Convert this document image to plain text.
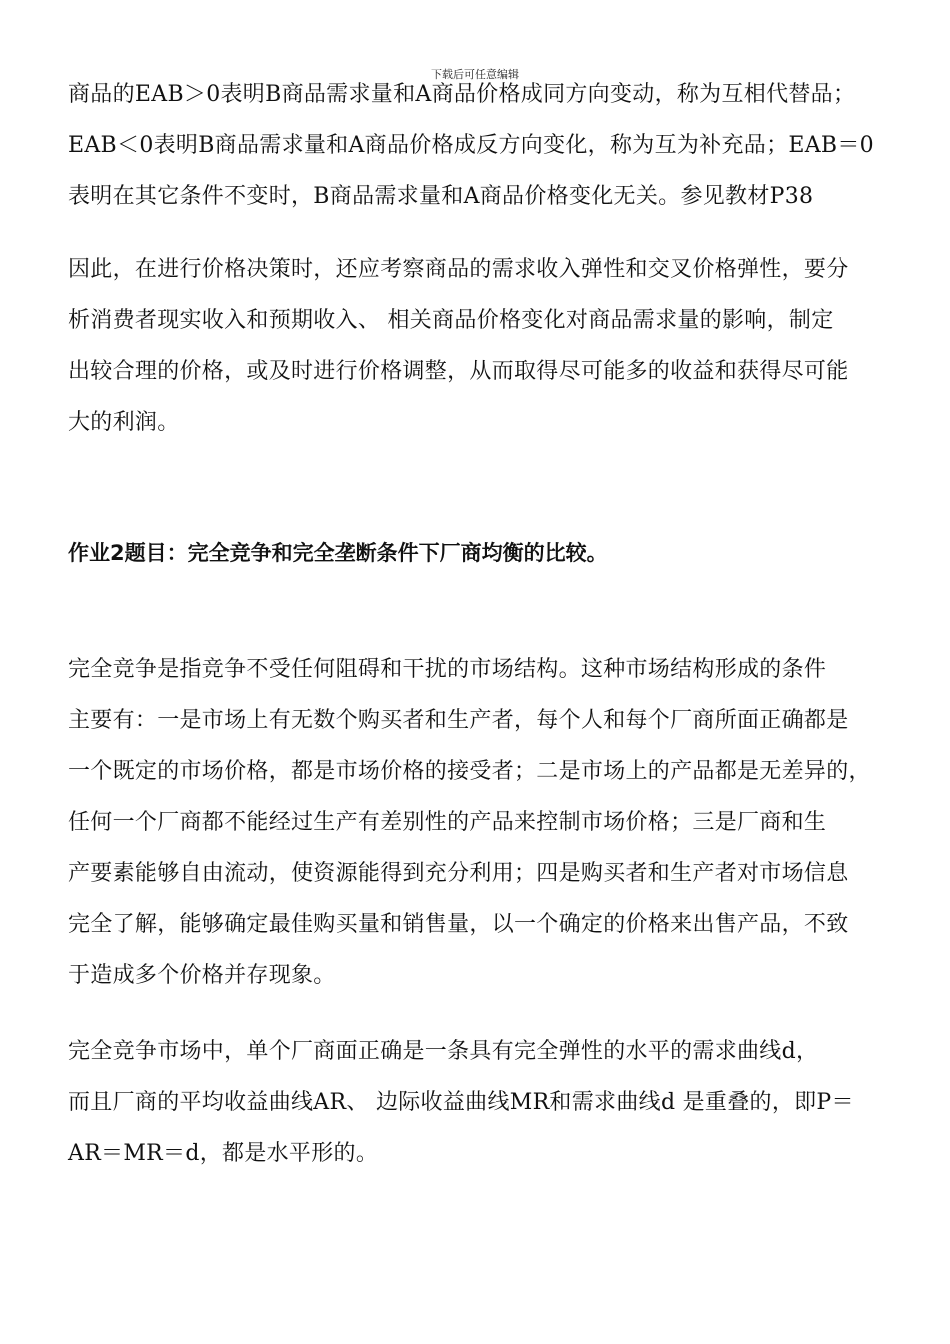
下载后可任意编辑
商品的EAB＞0表明B商品需求量和A商品价格成同方向变动，称为互相代替品；
EAB＜0表明B商品需求量和A商品价格成反方向变化，称为互为补充品；EAB＝0
表明在其它条件不变时，B商品需求量和A商品价格变化无关。参见教材P38
因此，在进行价格决策时，还应考察商品的需求收入弹性和交叉价格弹性，要分
析消费者现实收入和预期收入、 相关商品价格变化对商品需求量的影响，制定
出较合理的价格，或及时进行价格调整，从而取得尽可能多的收益和获得尽可能
大的利润。
作业2题目：完全竞争和完全垄断条件下厂商均衡的比较。
完全竞争是指竞争不受任何阻碍和干扰的市场结构。这种市场结构形成的条件
主要有：一是市场上有无数个购买者和生产者，每个人和每个厂商所面正确都是
一个既定的市场价格，都是市场价格的接受者；二是市场上的产品都是无差异的，
任何一个厂商都不能经过生产有差别性的产品来控制市场价格；三是厂商和生
产要素能够自由流动，使资源能得到充分利用；四是购买者和生产者对市场信息
完全了解，能够确定最佳购买量和销售量，以一个确定的价格来出售产品，不致
于造成多个价格并存现象。
完全竞争市场中，单个厂商面正确是一条具有完全弹性的水平的需求曲线d，
而且厂商的平均收益曲线AR、 边际收益曲线MR和需求曲线d 是重叠的，即P＝
AR＝MR＝d，都是水平形的。
